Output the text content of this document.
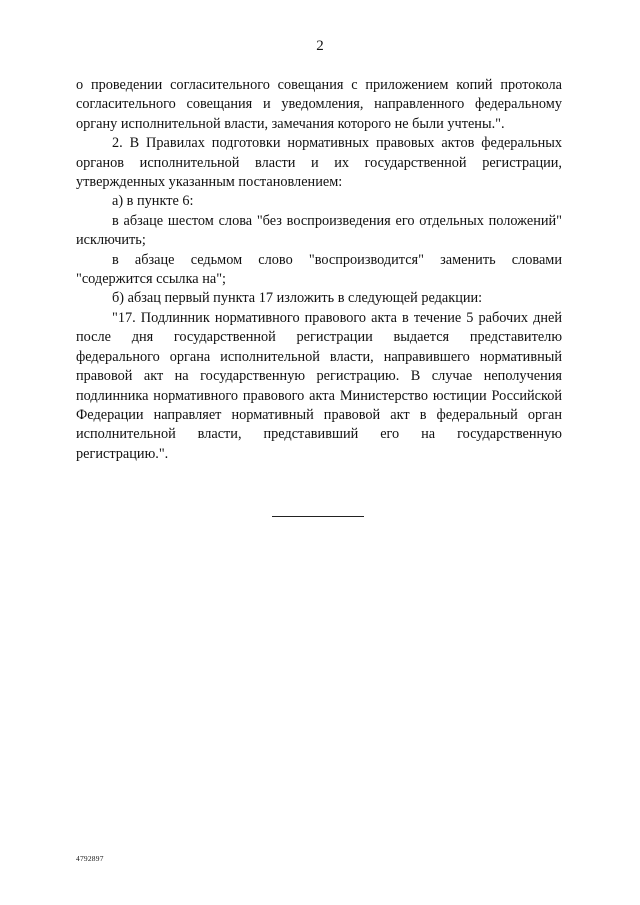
2

о проведении согласительного совещания с приложением копий протокола согласительного совещания и уведомления, направленного федеральному органу исполнительной власти, замечания которого не были учтены.".

2. В Правилах подготовки нормативных правовых актов федеральных органов исполнительной власти и их государственной регистрации, утвержденных указанным постановлением:

а) в пункте 6:

в абзаце шестом слова "без воспроизведения его отдельных положений" исключить;

в абзаце седьмом слово "воспроизводится" заменить словами "содержится ссылка на";

б) абзац первый пункта 17 изложить в следующей редакции:

"17. Подлинник нормативного правового акта в течение 5 рабочих дней после дня государственной регистрации выдается представителю федерального органа исполнительной власти, направившего нормативный правовой акт на государственную регистрацию. В случае неполучения подлинника нормативного правового акта Министерство юстиции Российской Федерации направляет нормативный правовой акт в федеральный орган исполнительной власти, представивший его на государственную регистрацию.".

4792897
